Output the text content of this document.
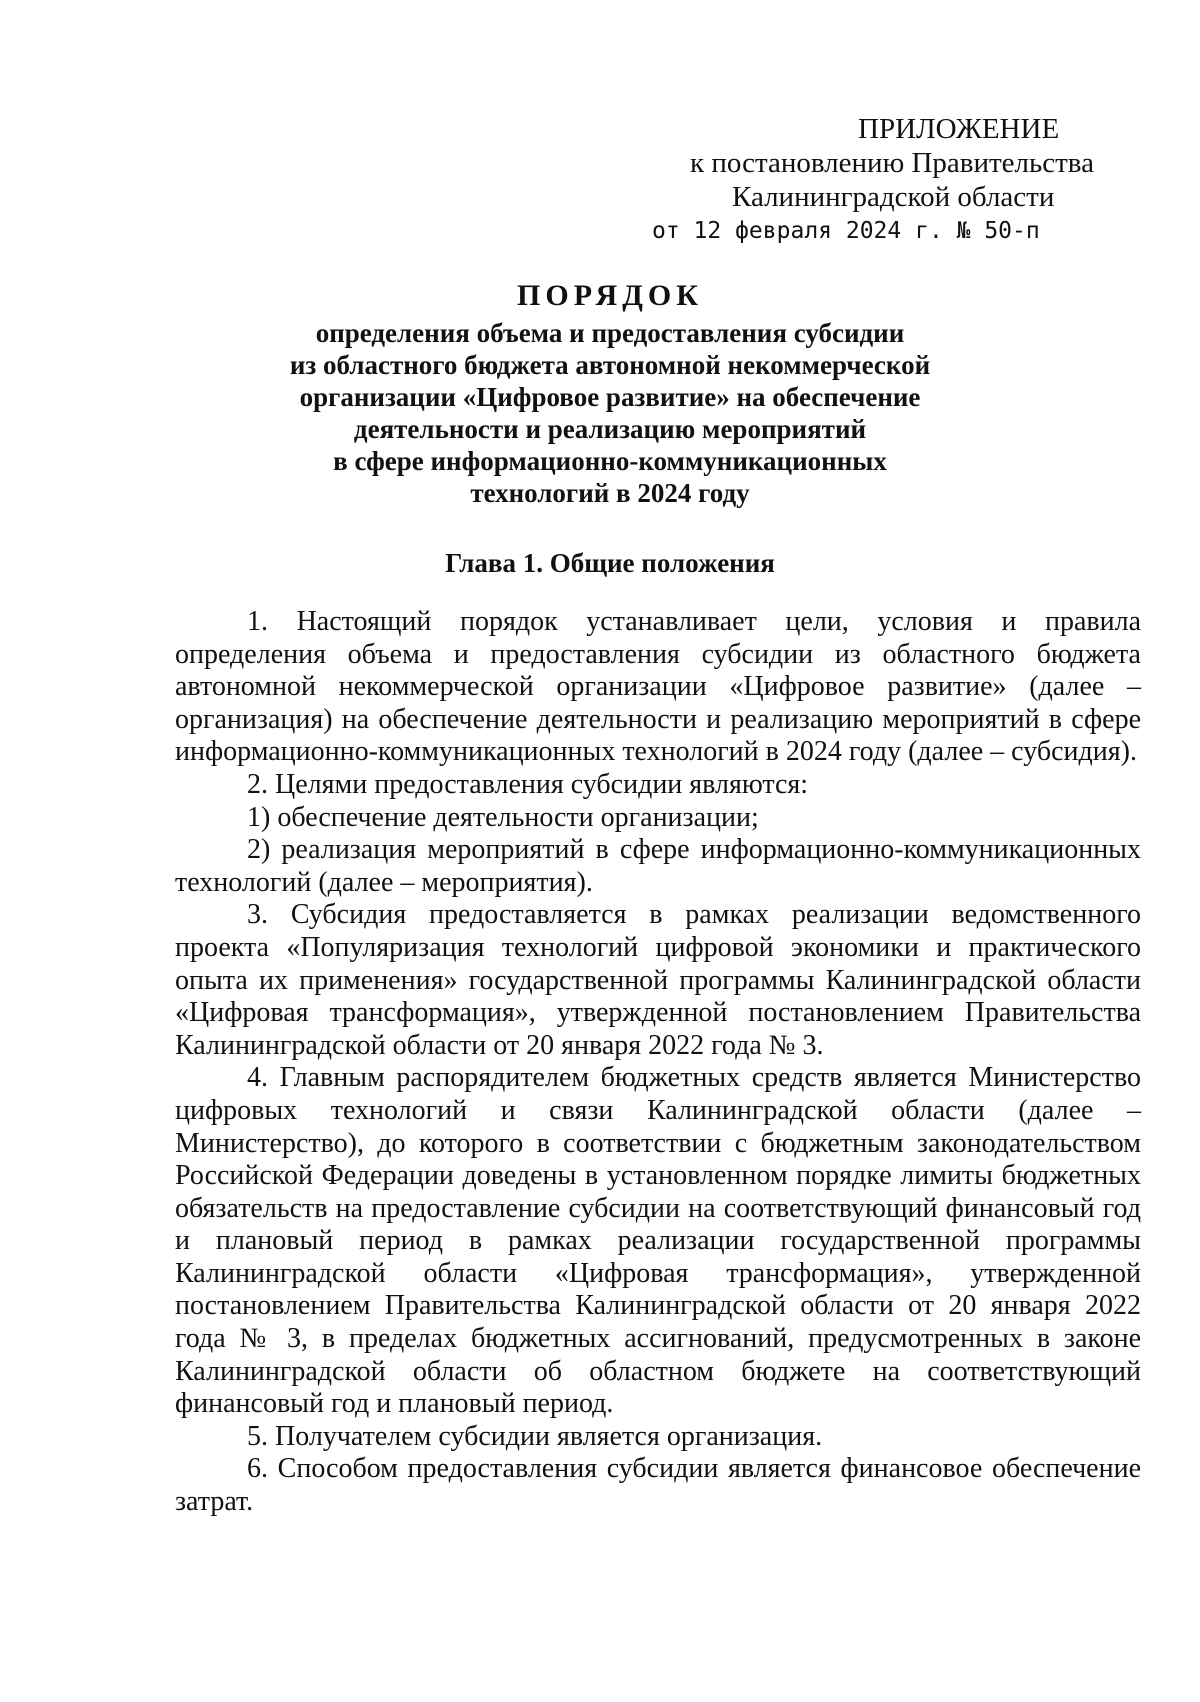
ПРИЛОЖЕНИЕ
к постановлению Правительства
Калининградской области
от 12 февраля 2024 г. № 50-п
ПОРЯДОК
определения объема и предоставления субсидии
из областного бюджета автономной некоммерческой
организации «Цифровое развитие» на обеспечение
деятельности и реализацию мероприятий
в сфере информационно-коммуникационных
технологий в 2024 году
Глава 1. Общие положения

1. Настоящий порядок устанавливает цели, условия и правила определения объема и предоставления субсидии из областного бюджета автономной некоммерческой организации «Цифровое развитие» (далее – организация) на обеспечение деятельности и реализацию мероприятий в сфере информационно-коммуникационных технологий в 2024 году (далее – субсидия).

2. Целями предоставления субсидии являются:

1) обеспечение деятельности организации;

2) реализация мероприятий в сфере информационно-коммуникационных технологий (далее – мероприятия).

3. Субсидия предоставляется в рамках реализации ведомственного проекта «Популяризация технологий цифровой экономики и практического опыта их применения» государственной программы Калининградской области «Цифровая трансформация», утвержденной постановлением Правительства Калининградской области от 20 января 2022 года № 3.

4. Главным распорядителем бюджетных средств является Министерство цифровых технологий и связи Калининградской области (далее – Министерство), до которого в соответствии с бюджетным законодательством Российской Федерации доведены в установленном порядке лимиты бюджетных обязательств на предоставление субсидии на соответствующий финансовый год и плановый период в рамках реализации государственной программы Калининградской области «Цифровая трансформация», утвержденной постановлением Правительства Калининградской области от 20 января 2022 года № 3, в пределах бюджетных ассигнований, предусмотренных в законе Калининградской области об областном бюджете на соответствующий финансовый год и плановый период.

5. Получателем субсидии является организация.

6. Способом предоставления субсидии является финансовое обеспечение затрат.
